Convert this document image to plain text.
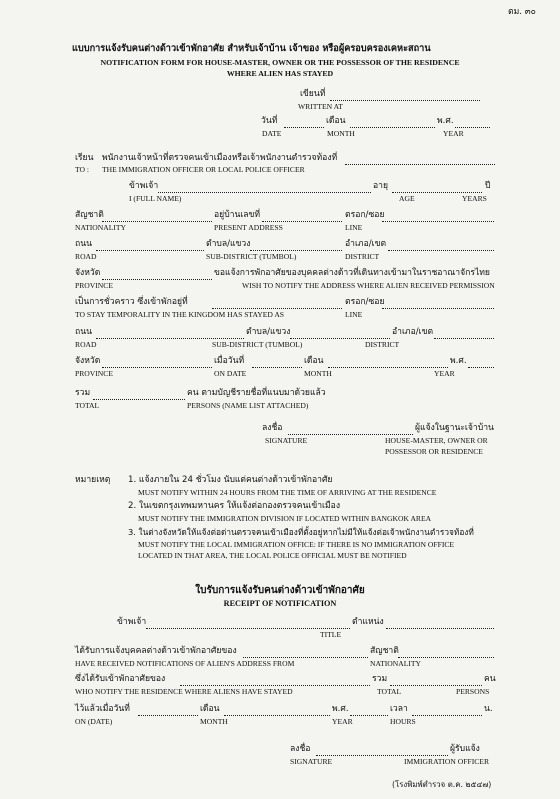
ตม. ๓๐
แบบการแจ้งรับคนต่างด้าวเข้าพักอาศัย สำหรับเจ้าบ้าน เจ้าของ หรือผู้ครอบครองเคหะสถาน
NOTIFICATION FORM FOR HOUSE-MASTER, OWNER OR THE POSSESSOR OF THE RESIDENCE
WHERE ALIEN HAS STAYED
เขียนที่
WRITTEN AT
วันที่	เดือน	พ.ศ.
DATE	MONTH	YEAR
เรียน พนักงานเจ้าหน้าที่ตรวจคนเข้าเมืองหรือเจ้าพนักงานตำรวจท้องที่
TO : THE IMMIGRATION OFFICER OR LOCAL POLICE OFFICER
ข้าพเจ้า	อายุ	ปี
I (FULL NAME)	AGE	YEARS
สัญชาติ	อยู่บ้านเลขที่	ตรอก/ซอย
NATIONALITY	PRESENT ADDRESS	LINE
ถนน	ตำบล/แขวง	อำเภอ/เขต
ROAD	SUB-DISTRICT (TUMBOL)	DISTRICT
จังหวัด	ขอแจ้งการพักอาศัยของบุคคลต่างด้าวที่เดินทางเข้ามาในราชอาณาจักรไทย
PROVINCE	WISH TO NOTIFY THE ADDRESS WHERE ALIEN RECEIVED PERMISSION
เป็นการชั่วคราว ซึ่งเข้าพักอยู่ที่	ตรอก/ซอย
TO STAY TEMPORALITY IN THE KINGDOM HAS STAYED AS	LINE
ถนน	ตำบล/แขวง	อำเภอ/เขต
ROAD	SUB-DISTRICT (TUMBOL)	DISTRICT
จังหวัด	เมื่อวันที่	เดือน	พ.ศ.
PROVINCE	ON DATE	MONTH	YEAR
รวม	คน ตามบัญชีรายชื่อที่แนบมาด้วยแล้ว
TOTAL	PERSONS (NAME LIST ATTACHED)
ลงชื่อ	ผู้แจ้งในฐานะเจ้าบ้าน
SIGNATURE	HOUSE-MASTER, OWNER OR
POSSESSOR OR RESIDENCE
หมายเหตุ 1. แจ้งภายใน 24 ชั่วโมง นับแต่คนต่างด้าวเข้าพักอาศัย
MUST NOTIFY WITHIN 24 HOURS FROM THE TIME OF ARRIVING AT THE RESIDENCE
2. ในเขตกรุงเทพมหานคร ให้แจ้งต่อกองตรวจคนเข้าเมือง
MUST NOTIFY THE IMMIGRATION DIVISION IF LOCATED WITHIN BANGKOK AREA
3. ในต่างจังหวัดให้แจ้งต่อด่านตรวจคนเข้าเมืองที่ตั้งอยู่หากไม่มีให้แจ้งต่อเจ้าพนักงานตำรวจท้องที่
MUST NOTIFY THE LOCAL IMMIGRATION OFFICE: IF THERE IS NO IMMIGRATION OFFICE
LOCATED IN THAT AREA, THE LOCAL POLICE OFFICIAL MUST BE NOTIFIED
ใบรับการแจ้งรับคนต่างด้าวเข้าพักอาศัย
RECEIPT OF NOTIFICATION
ข้าพเจ้า	ตำแหน่ง
TITLE
ได้รับการแจ้งบุคคลต่างด้าวเข้าพักอาศัยของ	สัญชาติ
HAVE RECEIVED NOTIFICATIONS OF ALIEN'S ADDRESS FROM	NATIONALITY
ซึ่งได้รับเข้าพักอาศัยของ	รวม	คน
WHO NOTIFY THE RESIDENCE WHERE ALIENS HAVE STAYED	TOTAL	PERSONS
ไว้แล้วเมื่อวันที่	เดือน	พ.ศ.	เวลา	น.
ON (DATE)	MONTH	YEAR	HOURS
ลงชื่อ	ผู้รับแจ้ง
SIGNATURE	IMMIGRATION OFFICER
(โรงพิมพ์ตำรวจ ต.ค. ๒๕๔๗)
